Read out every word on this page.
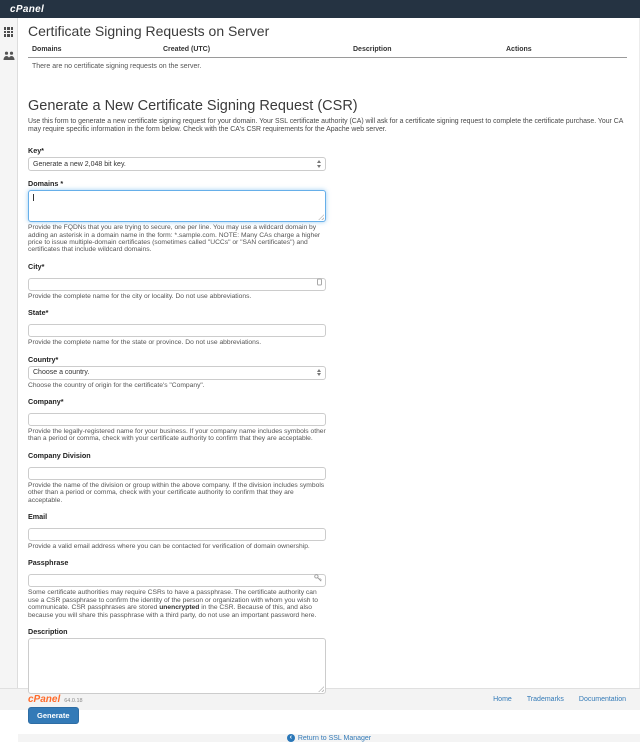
cPanel
Certificate Signing Requests on Server
Domains	Created (UTC)	Description	Actions
There are no certificate signing requests on the server.
Generate a New Certificate Signing Request (CSR)

Use this form to generate a new certificate signing request for your domain. Your SSL certificate authority (CA) will ask for a certificate signing request to complete the certificate purchase. Your CA may require specific information in the form below. Check with the CA's CSR requirements for the Apache web server.

Key*
Generate a new 2,048 bit key.
Domains *
Provide the FQDNs that you are trying to secure, one per line. You may use a wildcard domain by adding an asterisk in a domain name in the form: *.sample.com. NOTE: Many CAs charge a higher price to issue multiple-domain certificates (sometimes called "UCCs" or "SAN certificates") and certificates that include wildcard domains.
City*
Provide the complete name for the city or locality. Do not use abbreviations.
State*
Provide the complete name for the state or province. Do not use abbreviations.
Country*
Choose a country.
Choose the country of origin for the certificate's "Company".
Company*
Provide the legally-registered name for your business. If your company name includes symbols other than a period or comma, check with your certificate authority to confirm that they are acceptable.
Company Division
Provide the name of the division or group within the above company. If the division includes symbols other than a period or comma, check with your certificate authority to confirm that they are acceptable.
Email
Provide a valid email address where you can be contacted for verification of domain ownership.
Passphrase
Some certificate authorities may require CSRs to have a passphrase. The certificate authority can use a CSR passphrase to confirm the identity of the person or organization with whom you wish to communicate. CSR passphrases are stored unencrypted in the CSR. Because of this, and also because you will share this passphrase with a third party, do not use an important password here.
Description
Generate
‹ Return to SSL Manager
cPanel 64.0.18	Home Trademarks Documentation
